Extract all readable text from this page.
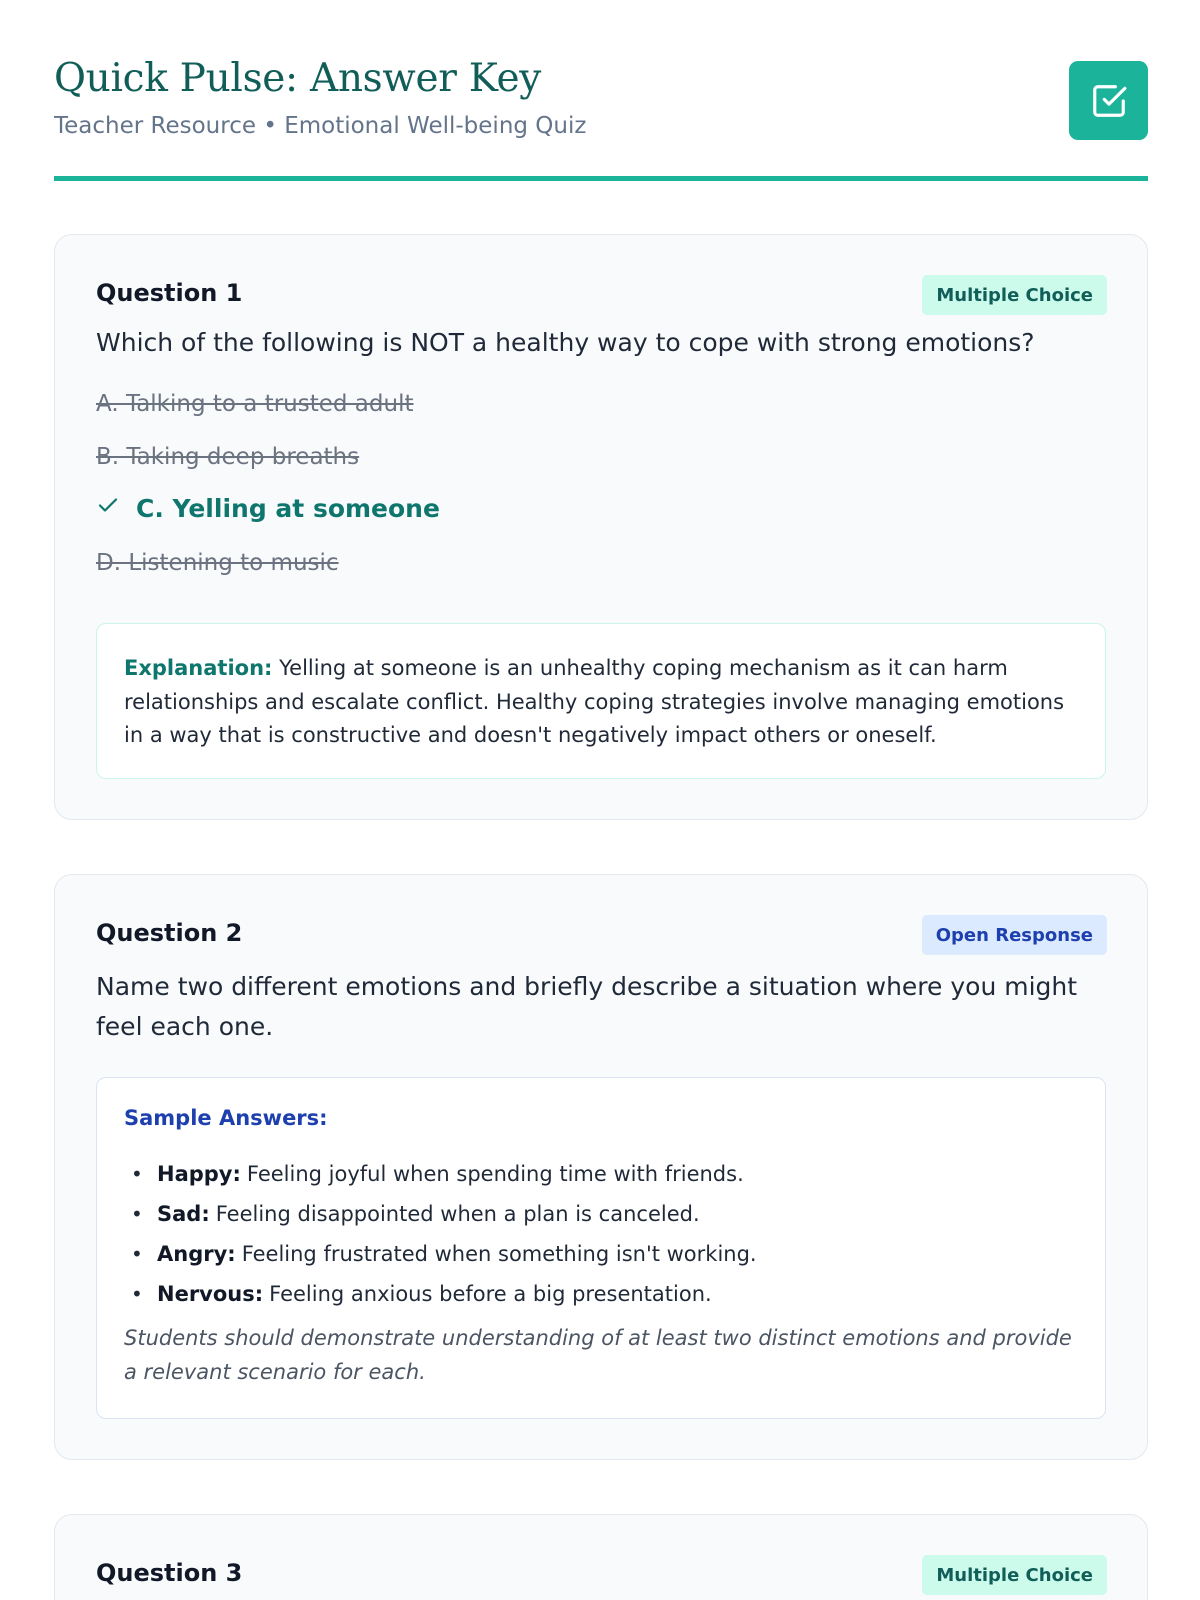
Quick Pulse: Answer Key
Teacher Resource • Emotional Well-being Quiz
Question 1	Multiple Choice
Which of the following is NOT a healthy way to cope with strong emotions?
A. Talking to a trusted adult
B. Taking deep breaths
C. Yelling at someone
D. Listening to music
Explanation: Yelling at someone is an unhealthy coping mechanism as it can harm relationships and escalate conflict. Healthy coping strategies involve managing emotions in a way that is constructive and doesn't negatively impact others or oneself.
Question 2	Open Response
Name two different emotions and briefly describe a situation where you might feel each one.
Sample Answers:
• Happy: Feeling joyful when spending time with friends.
• Sad: Feeling disappointed when a plan is canceled.
• Angry: Feeling frustrated when something isn't working.
• Nervous: Feeling anxious before a big presentation.
Students should demonstrate understanding of at least two distinct emotions and provide a relevant scenario for each.
Question 3	Multiple Choice
